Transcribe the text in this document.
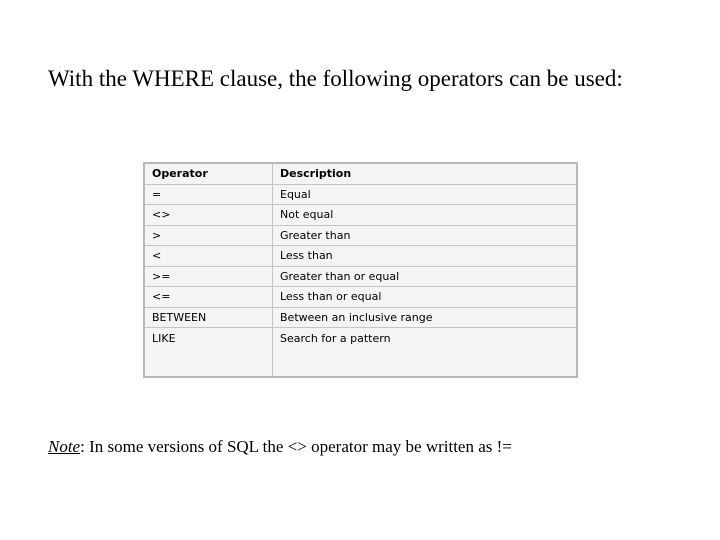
With the WHERE clause, the following operators can be used:

Operator	Description
=	Equal
<>	Not equal
>	Greater than
<	Less than
>=	Greater than or equal
<=	Less than or equal
BETWEEN	Between an inclusive range
LIKE	Search for a pattern

Note: In some versions of SQL the <> operator may be written as !=
